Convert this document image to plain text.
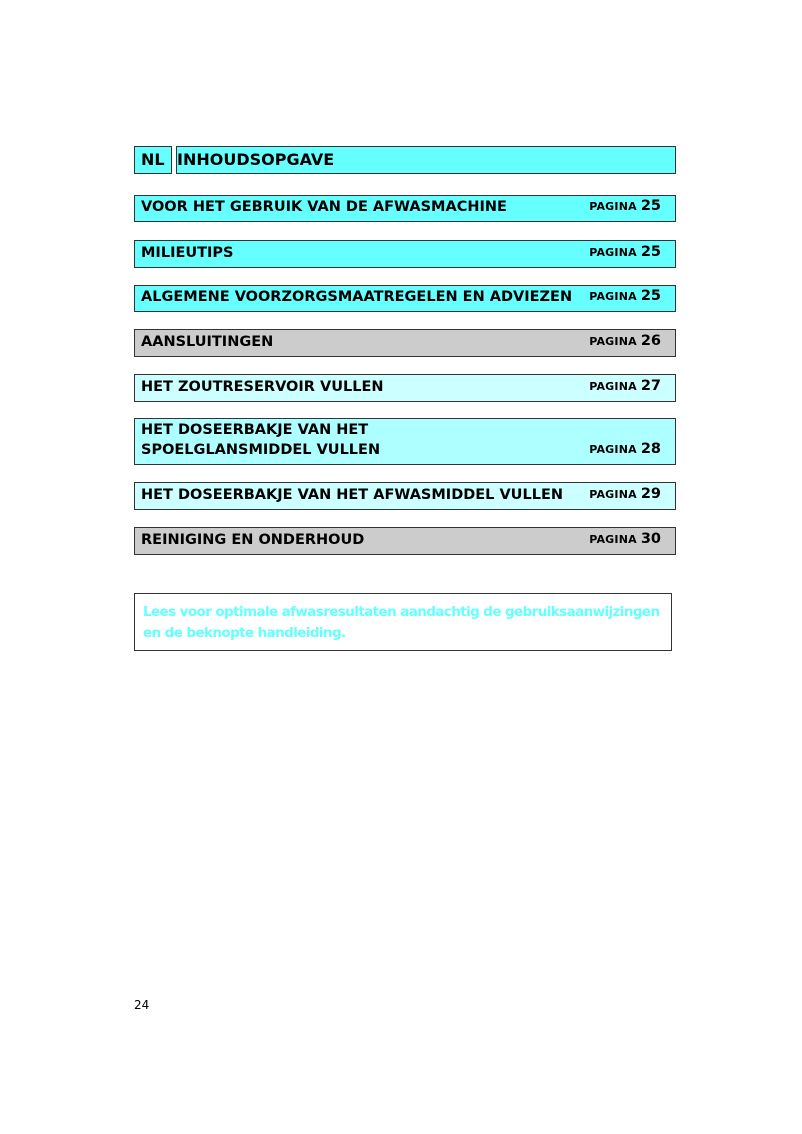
NL INHOUDSOPGAVE
VOOR HET GEBRUIK VAN DE AFWASMACHINE	PAGINA 25
MILIEUTIPS	PAGINA 25
ALGEMENE VOORZORGSMAATREGELEN EN ADVIEZEN PAGINA 25
AANSLUITINGEN	PAGINA 26
HET ZOUTRESERVOIR VULLEN	PAGINA 27
HET DOSEERBAKJE VAN HET
SPOELGLANSMIDDEL VULLEN	PAGINA 28
HET DOSEERBAKJE VAN HET AFWASMIDDEL VULLEN PAGINA 29
REINIGING EN ONDERHOUD	PAGINA 30
Lees voor optimale afwasresultaten aandachtig de gebruiksaanwijzingen en de beknopte handleiding.
24
